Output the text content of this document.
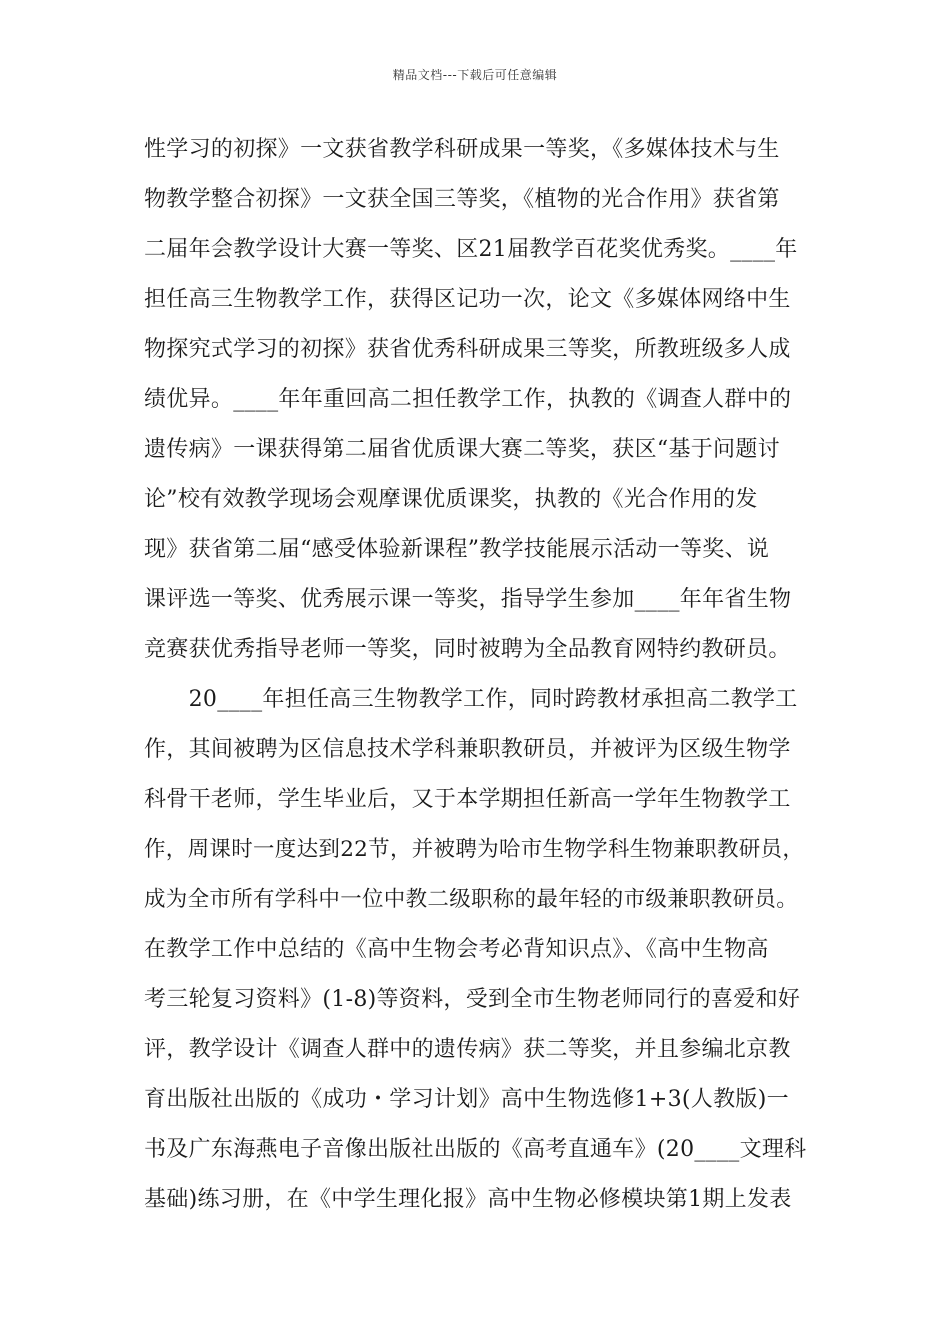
精品文档---下载后可任意编辑
性学习的初探》一文获省教学科研成果一等奖，《多媒体技术与生
物教学整合初探》一文获全国三等奖，《植物的光合作用》获省第
二届年会教学设计大赛一等奖、区21届教学百花奖优秀奖。____年
担任高三生物教学工作，获得区记功一次，论文《多媒体网络中生
物探究式学习的初探》获省优秀科研成果三等奖，所教班级多人成
绩优异。____年年重回高二担任教学工作，执教的《调查人群中的
遗传病》一课获得第二届省优质课大赛二等奖，获区“基于问题讨
论”校有效教学现场会观摩课优质课奖，执教的《光合作用的发
现》获省第二届“感受体验新课程”教学技能展示活动一等奖、说
课评选一等奖、优秀展示课一等奖，指导学生参加____年年省生物
竞赛获优秀指导老师一等奖，同时被聘为全品教育网特约教研员。
　　20____年担任高三生物教学工作，同时跨教材承担高二教学工
作，其间被聘为区信息技术学科兼职教研员，并被评为区级生物学
科骨干老师，学生毕业后，又于本学期担任新高一学年生物教学工
作，周课时一度达到22节，并被聘为哈市生物学科生物兼职教研员，
成为全市所有学科中一位中教二级职称的最年轻的市级兼职教研员。
在教学工作中总结的《高中生物会考必背知识点》、《高中生物高
考三轮复习资料》(1-8)等资料，受到全市生物老师同行的喜爱和好
评，教学设计《调查人群中的遗传病》获二等奖，并且参编北京教
育出版社出版的《成功・学习计划》高中生物选修1+3(人教版)一
书及广东海燕电子音像出版社出版的《高考直通车》(20____文理科
基础)练习册，在《中学生理化报》高中生物必修模块第1期上发表
